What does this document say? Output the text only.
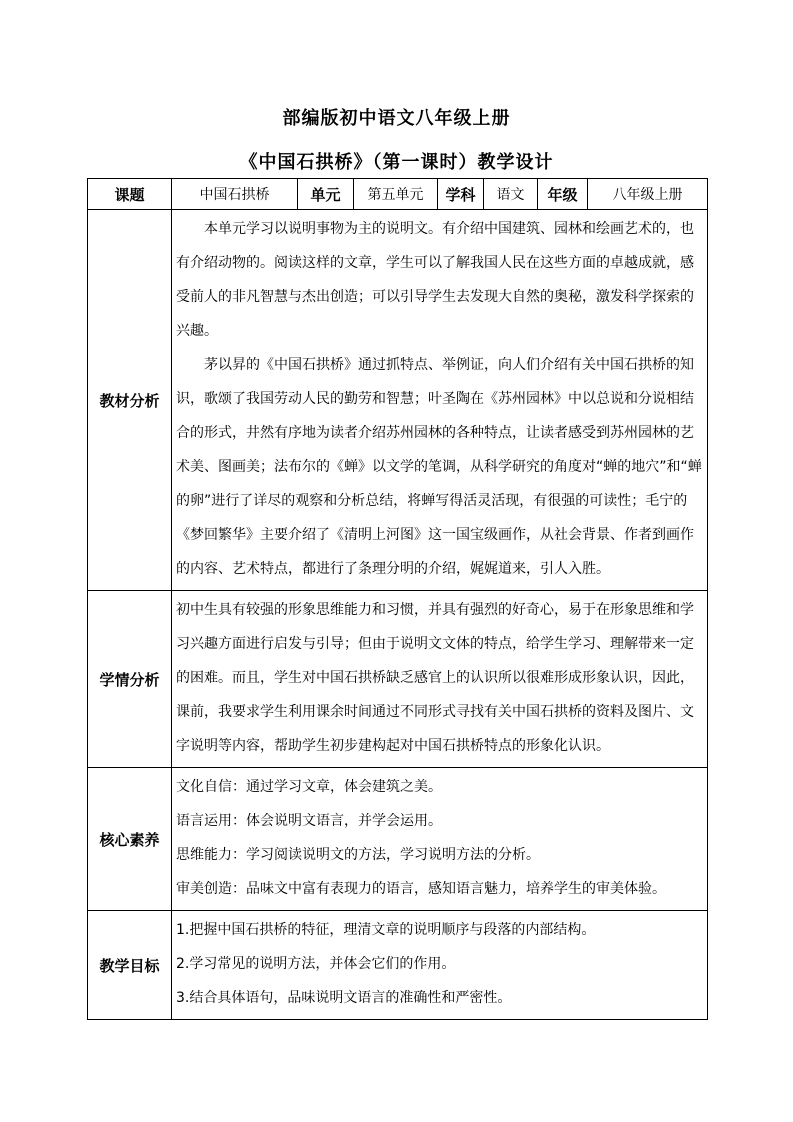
部编版初中语文八年级上册
《中国石拱桥》（第一课时）教学设计
课题	中国石拱桥	单元	第五单元	学科	语文	年级	八年级上册
教材分析	本单元学习以说明事物为主的说明文。有介绍中国建筑、园林和绘画艺术的，也有介绍动物的。阅读这样的文章，学生可以了解我国人民在这些方面的卓越成就，感受前人的非凡智慧与杰出创造；可以引导学生去发现大自然的奥秘，激发科学探索的兴趣。

茅以昇的《中国石拱桥》通过抓特点、举例证，向人们介绍有关中国石拱桥的知识，歌颂了我国劳动人民的勤劳和智慧；叶圣陶在《苏州园林》中以总说和分说相结合的形式，井然有序地为读者介绍苏州园林的各种特点，让读者感受到苏州园林的艺术美、图画美；法布尔的《蝉》以文学的笔调，从科学研究的角度对“蝉的地穴”和“蝉的卵”进行了详尽的观察和分析总结，将蝉写得活灵活现，有很强的可读性；毛宁的《梦回繁华》主要介绍了《清明上河图》这一国宝级画作，从社会背景、作者到画作的内容、艺术特点，都进行了条理分明的介绍，娓娓道来，引人入胜。						

学情分析	初中生具有较强的形象思维能力和习惯，并具有强烈的好奇心，易于在形象思维和学习兴趣方面进行启发与引导；但由于说明文文体的特点，给学生学习、理解带来一定的困难。而且，学生对中国石拱桥缺乏感官上的认识所以很难形成形象认识，因此，课前，我要求学生利用课余时间通过不同形式寻找有关中国石拱桥的资料及图片、文字说明等内容，帮助学生初步建构起对中国石拱桥特点的形象化认识。						

核心素养	文化自信：通过学习文章，体会建筑之美。

语言运用：体会说明文语言，并学会运用。

思维能力：学习阅读说明文的方法，学习说明方法的分析。

审美创造：品味文中富有表现力的语言，感知语言魅力，培养学生的审美体验。						

教学目标	1.把握中国石拱桥的特征，理清文章的说明顺序与段落的内部结构。

2.学习常见的说明方法，并体会它们的作用。

3.结合具体语句，品味说明文语言的准确性和严密性。						
